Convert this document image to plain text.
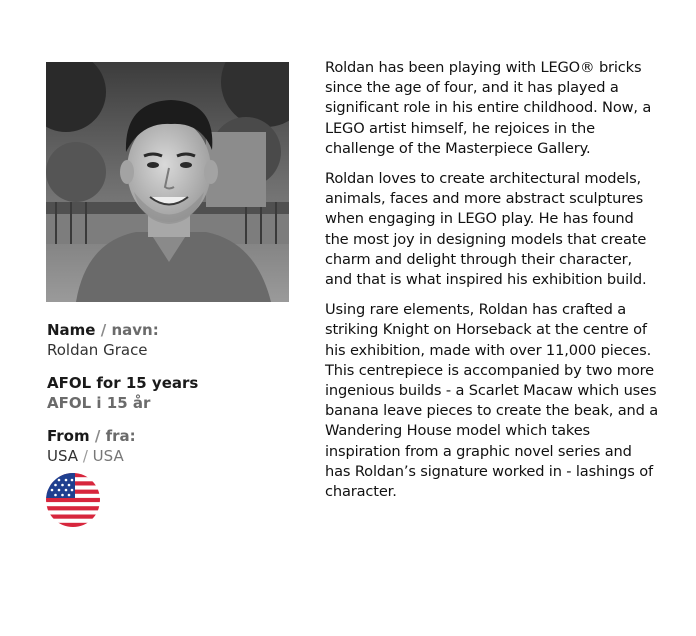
Name / navn:
Roldan Grace
AFOL for 15 years
AFOL i 15 år
From / fra:
USA / USA

Roldan has been playing with LEGO® bricks since the age of four, and it has played a significant role in his entire childhood. Now, a LEGO artist himself, he rejoices in the challenge of the Masterpiece Gallery.

Roldan loves to create architectural models, animals, faces and more abstract sculptures when engaging in LEGO play. He has found the most joy in designing models that create charm and delight through their character, and that is what inspired his exhibition build.

Using rare elements, Roldan has crafted a striking Knight on Horseback at the centre of his exhibition, made with over 11,000 pieces. This centrepiece is accompanied by two more ingenious builds - a Scarlet Macaw which uses banana leave pieces to create the beak, and a Wandering House model which takes inspiration from a graphic novel series and has Roldan’s signature worked in - lashings of character.
